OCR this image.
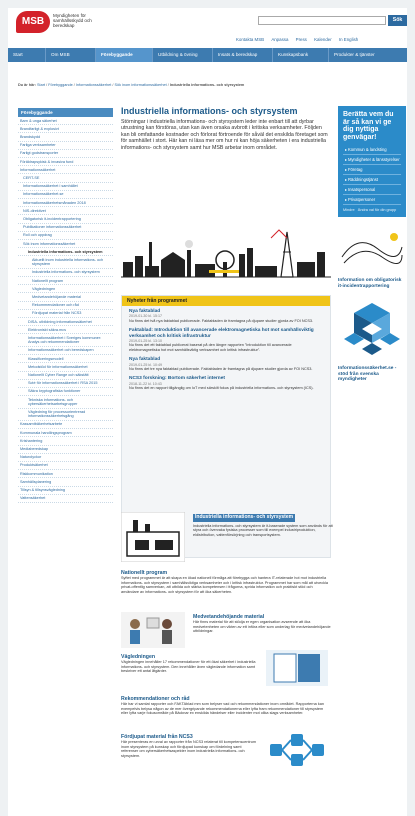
MSB
Myndigheten för samhällsskydd och beredskap
Sök
Kontakta MSB Anpassa Press Kalender In English
Start	Om MSB	Förebyggande	Utbildning & övning	Insats & beredskap	Kunskapsbank	Produkter & tjänster
Du är här: Start / Förebyggande / Informationssäkerhet / Sök inom informationssäkerhet / Industriella informations- och styrsystem
Förebyggande
Barn & unga säkerhet
Brandfarligt & explosivt
Brandskydd
Farliga verksamheter
Farligt godstransporter
Föräldrapsykisk & invasiva fund
Informationssäkerhet
CERT-SE
Informationssäkerhet i samhället
Informationssäkerhet.se
Informationssäkerhetsmånaden 2018
NIS-direktivet
Obligatorisk it-incidentrapportering
Publikationer informationssäkerhet
Roll och uppdrag
Sök inom informationssäkerhet
Industriella informations- och styrsystem
Aktuellt inom industriella informations- och styrsystem
Industriella informations- och styrsystem
Nationellt program
Vägledningen
Medvetandehöjande material
Rekommendationer och råd
Fördjupat material från NCS3
DISA- utbildning informationssäkerhet
Elektroniskt säkra.mcs
Informationssäkerhet i Sveriges kommuner: Analys och rekommendationer
Informationssäkerhet och beredskapen
Klassificeringsmodell
Metodstöd för informationssäkerhet
Nationellt Cyber Range och säkstätt
Scté för informationssäkerhet i RSA 2015
Säkra kryptografiska funktioner
Tekniska informations- och cybersäkerhetsarbetsgrupper
Vägledning för processorientrerad informationssäkerhetsgång
Kassamtbäkerhetsarbete
Kommunala handlingsprogram
Krishantering
Mediaberedskap
Naturolyckor
Produktsäkerhet
Riskkommunikation
Samhällsplanering
Tillsyn & tillsynsvägledning
Vattensäkerhet
Industriella informations- och styrsystem
Störningar i industriella informations- och styrsystem leder inte enbart till att dyrbar utrustning kan förstöras, utan kan även orsaka avbrott i kritiska verksamheter. Följden kan bli omfattande kostnader och förlorat förtroende för såväl det enskilda företaget som för samhället i stort. Här kan ni läsa mer om hur ni kan höja säkerheten i era industriella informations- och styrsystem samt hur MSB arbetar inom området.
Nyheter från programmet
Nya faktablad
2019-01-30 kl. 15:17
Nu finns det två nya faktablad publicerade. Faktabladen är framtagna på djupare studier gjorda av FOI NCS3.
Faktablad: Introduktion till avancerade elektromagnetiska hot mot samhällsviktig verksamhet och kritisk infrastruktur
2019-01-25 kl. 13:10
Nu finns det ett faktablad publicerat baserat på den längre rapporten "Introduktion till avancerade elektromagnetiska hot mot samhällsviktig verksamhet och kritisk infrastruktur".
Nya faktablad
2019-01-25 kl. 10:49
Nu finns det tre nya faktablad publicerade. Faktabladen är framtagna på djupare studier gjorda av FOI NCS3.
NCS3 forskning: Bortom säkerhet internet
2018-11-22 kl. 10:43
Nu finns det en rapport tillgänglig om IoT med särskilt fokus på industriella informations- och styrsystem (ICS).
Industriella informations- och styrsystem
Industriella informations- och styrsystem är it-baserade system som används för att styra och övervaka fysiska processer som till exempel industriproduktion, eldistribution, vattenförsörjning och transportsystem.
Nationellt program
Syftet med programmet är att skapa en ökad nationell förmåga att förebygga och hantera IT-relaterade hot mot industriella informations- och styrsystem i samhällsviktiga verksamheter och i kritisk infrastruktur. Programmet har som mål att utveckla privat-offentlig samverkan, att utbilda och stärka kompetensen i frågorna, sprida information och praktiskt stöd och användare av informations- och styrsystem för att öka säkerheten.
Medvetandehöjande material
Här finns material för att stödja er egen organisation avseende att öka medvetenheten om vikten av ett införa eller som underlag för medvetandehöjande utbildningar.
Vägledningen
Vägledningen innehåller 17 rekommendationer för ett ökat säkerhet i industriella informations- och styrsystem. Den innehåller även vägledande information samt beskriver ett antal åtgärder.
Rekommendationer och råd
Här har vi samlat rapporter och FAKTAblad mm som belyser vad och rekommendationer inom området. Rapporterna kan exempelvis belysa någon av de mer övergripande rekommendationerna eller lyfta fram rekommendationer till styrsystem eller lyfta varje fokusområde på Bäcknar ex enskilda händelser eller incidenter mot olika slags verksamheter.
Fördjupat material från NCS3
Här presenteras en urval av rapporter från NCS3 relaterat till kompetenscentrum inom styrsystem på kunskap och fördjupad kunskap om fördelning samt referenser om cybersäkerhetsaspekter inom industriella informations- och styrsystem.
Berätta vem du är så kan vi ge dig nyttiga genvägar!
▸ Kommun & landsting
▸ Myndigheter & länsstyrelser
▸ Företag
▸ Räddningstjänst
▸ Insatspersonal
▸ Privatpersoner
Mindre Ändra val för din grupp
Information om obligatorisk it-incidentrapportering
Informationssäkerhet.se - stöd från svenska myndigheter
